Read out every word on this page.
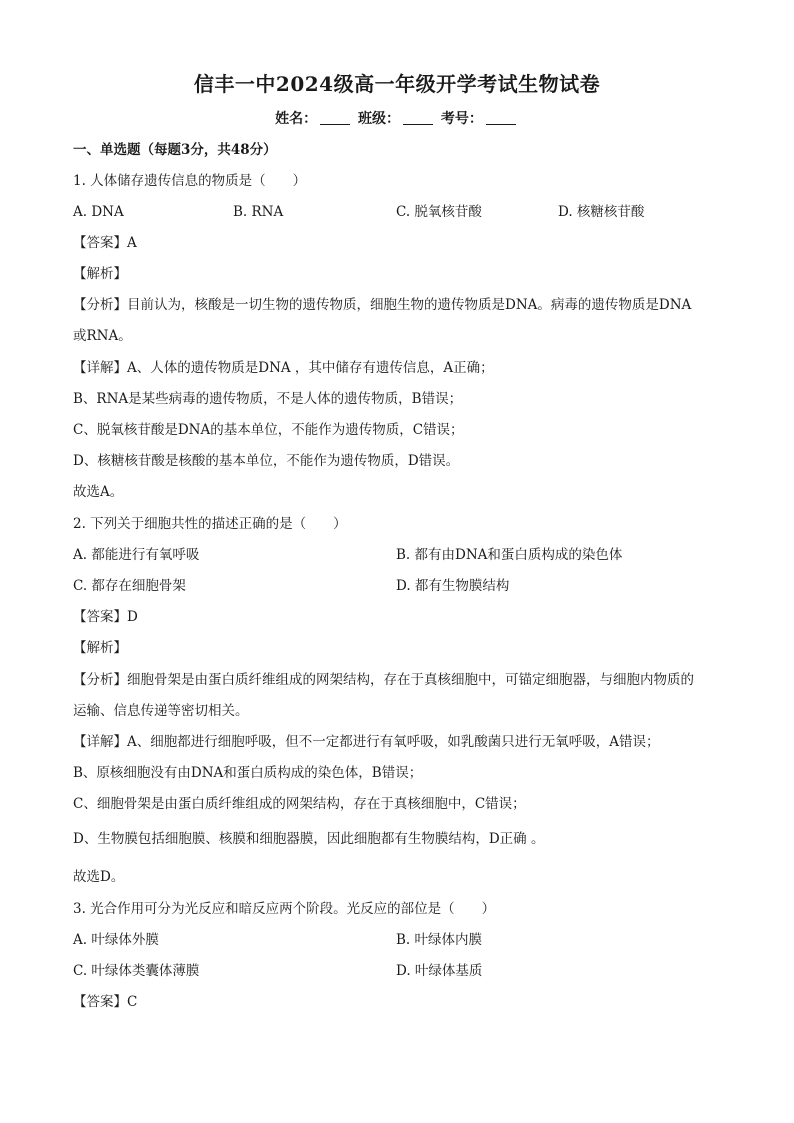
信丰一中2024级高一年级开学考试生物试卷
姓名：	班级：	考号：
一、单选题（每题3分，共48分）
1. 人体储存遗传信息的物质是（　　）
A. DNA	B. RNA	C. 脱氧核苷酸	D. 核糖核苷酸
【答案】A
【解析】
【分析】目前认为，核酸是一切生物的遗传物质，细胞生物的遗传物质是DNA。病毒的遗传物质是DNA
或RNA。
【详解】A、人体的遗传物质是DNA ，其中储存有遗传信息，A正确；
B、RNA是某些病毒的遗传物质，不是人体的遗传物质，B错误；
C、脱氧核苷酸是DNA的基本单位，不能作为遗传物质，C错误；
D、核糖核苷酸是核酸的基本单位，不能作为遗传物质，D错误。
故选A。
2. 下列关于细胞共性的描述正确的是（　　）
A. 都能进行有氧呼吸	B. 都有由DNA和蛋白质构成的染色体
C. 都存在细胞骨架	D. 都有生物膜结构
【答案】D
【解析】
【分析】细胞骨架是由蛋白质纤维组成的网架结构，存在于真核细胞中，可锚定细胞器，与细胞内物质的
运输、信息传递等密切相关。
【详解】A、细胞都进行细胞呼吸，但不一定都进行有氧呼吸，如乳酸菌只进行无氧呼吸，A错误；
B、原核细胞没有由DNA和蛋白质构成的染色体，B错误；
C、细胞骨架是由蛋白质纤维组成的网架结构，存在于真核细胞中，C错误；
D、生物膜包括细胞膜、核膜和细胞器膜，因此细胞都有生物膜结构，D正确 。
故选D。
3. 光合作用可分为光反应和暗反应两个阶段。光反应的部位是（　　）
A. 叶绿体外膜	B. 叶绿体内膜
C. 叶绿体类囊体薄膜	D. 叶绿体基质
【答案】C
